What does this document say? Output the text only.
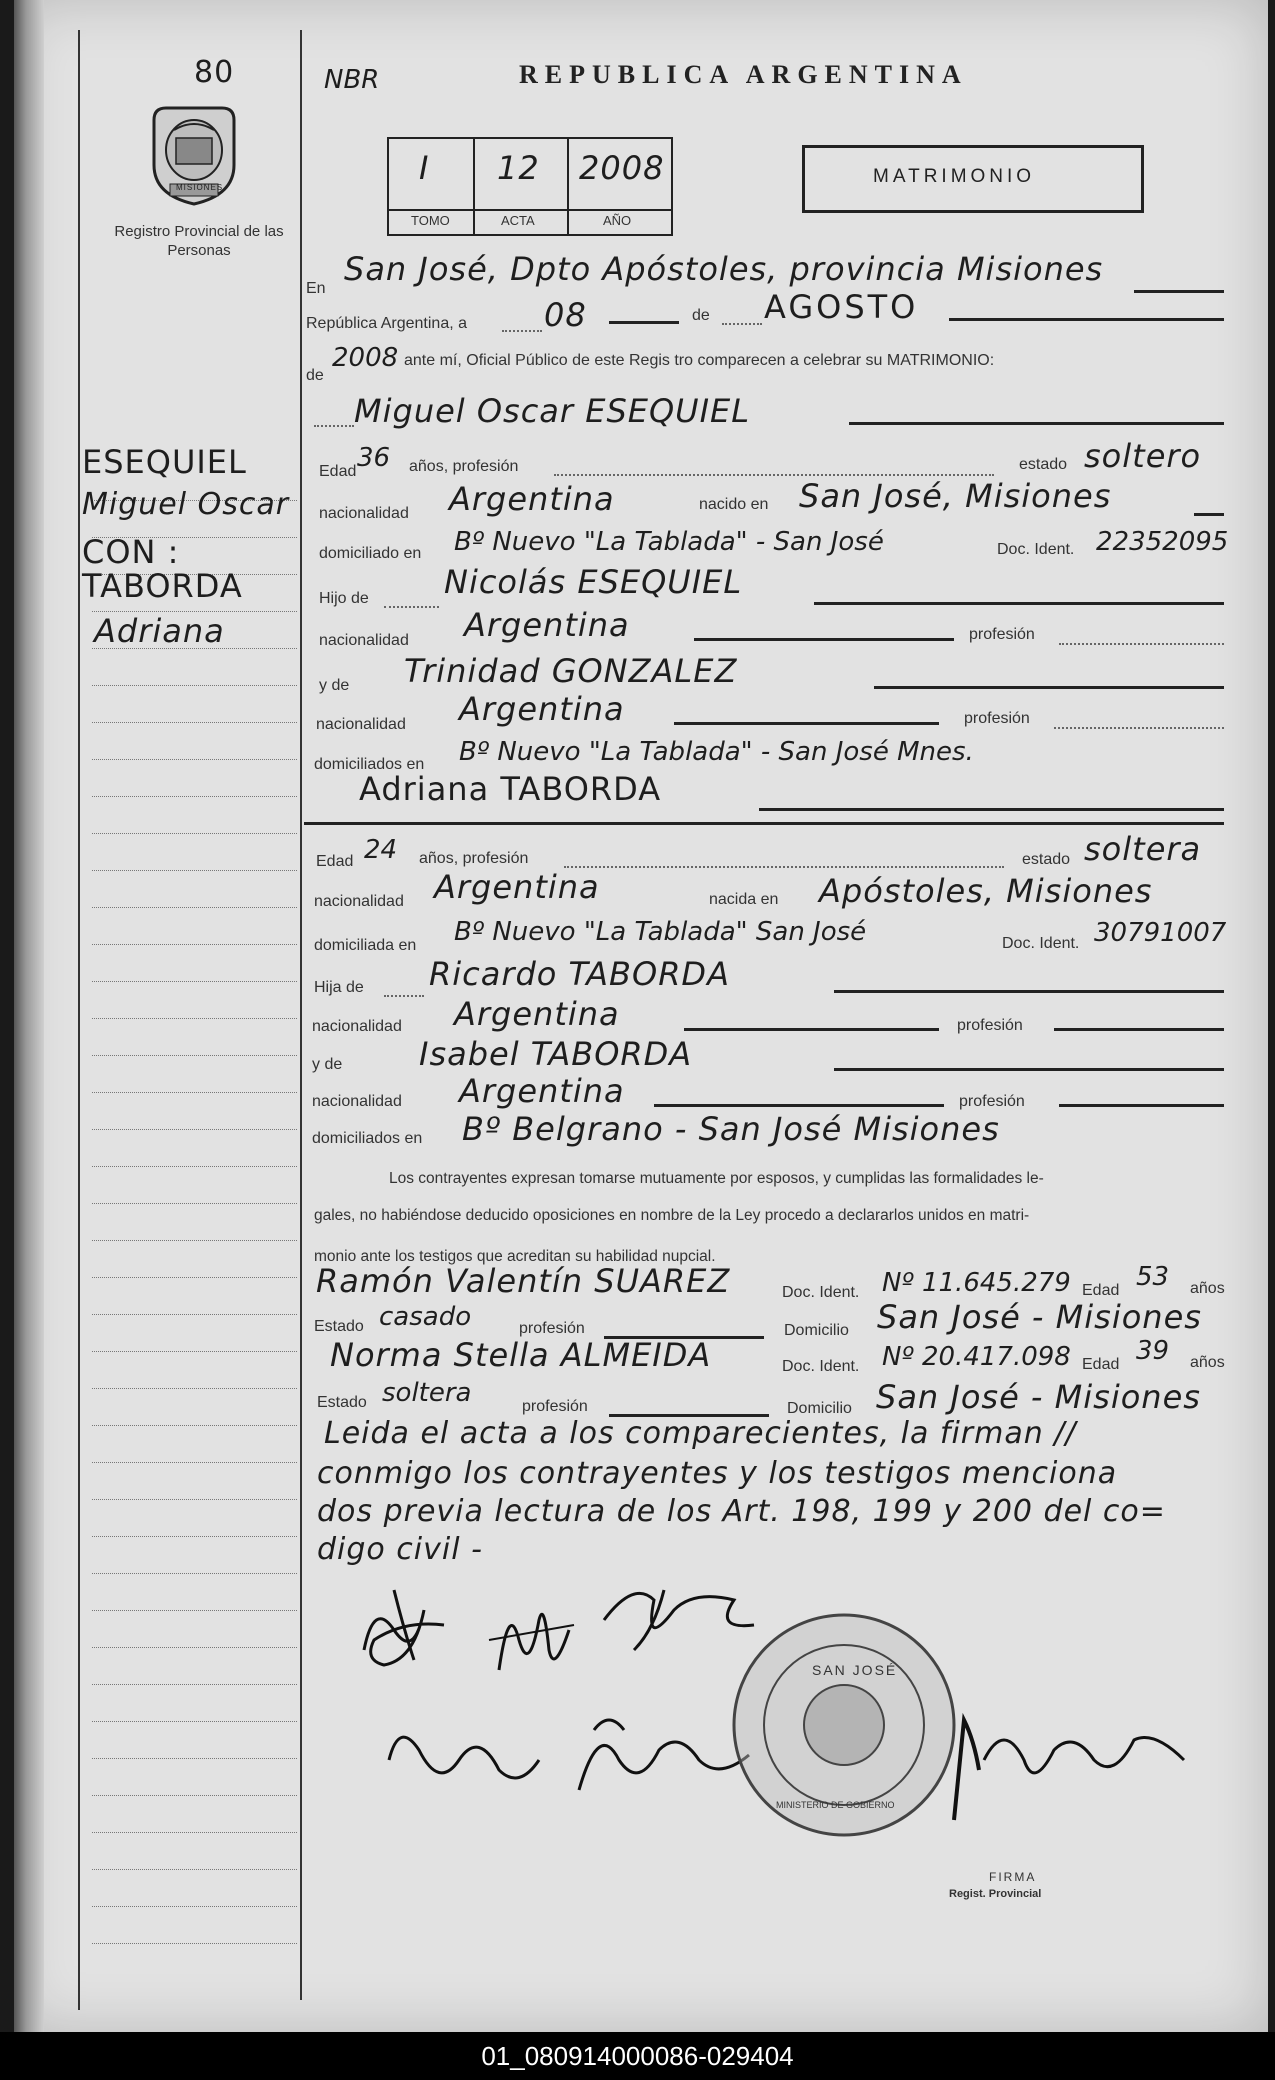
80	NBR
MISIONES
Registro Provincial de las Personas
REPUBLICA ARGENTINA
I 12 2008
TOMO	ACTA	AÑO
MATRIMONIO
ESEQUIEL
Miguel Oscar
CON :
TABORDA
Adriana
En
San José, Dpto Apóstoles, provincia Misiones
República Argentina, a 08	de AGOSTO
de
2008 ante mí, Oficial Público de este Regis tro comparecen a celebrar su MATRIMONIO:
Miguel Oscar ESEQUIEL
Edad 36 años, profesión	estado soltero
nacionalidad Argentina	nacido en San José, Misiones
domiciliado en Bº Nuevo "La Tablada" - San José	Doc. Ident. 22352095
Hijo de Nicolás ESEQUIEL
nacionalidad Argentina	profesión
y de Trinidad GONZALEZ
nacionalidad Argentina	profesión
domiciliados en Bº Nuevo "La Tablada" - San José Mnes.
Adriana TABORDA
Edad 24 años, profesión	estado soltera
nacionalidad Argentina	nacida en Apóstoles, Misiones
domiciliada en Bº Nuevo "La Tablada" San José	Doc. Ident. 30791007
Hija de Ricardo TABORDA
nacionalidad Argentina	profesión
y de Isabel TABORDA
nacionalidad Argentina	profesión
domiciliados en Bº Belgrano - San José Misiones
Los contrayentes expresan tomarse mutuamente por esposos, y cumplidas las formalidades le-
gales, no habiéndose deducido oposiciones en nombre de la Ley procedo a declararlos unidos en matri-
monio ante los testigos que acreditan su habilidad nupcial.
Ramón Valentín SUAREZ	Doc. Ident. Nº 11.645.279 Edad 53 años
Estado casado	profesión	Domicilio San José - Misiones
Norma Stella ALMEIDA	Doc. Ident. Nº 20.417.098 Edad 39 años
Estado soltera	profesión	Domicilio San José - Misiones
Leida el acta a los comparecientes, la firman //
conmigo los contrayentes y los testigos menciona
dos previa lectura de los Art. 198, 199 y 200 del co=
digo civil -
SAN JOSÉ
MINISTERIO DE GOBIERNO
FIRMA
Regist. Provincial
01_080914000086-029404
